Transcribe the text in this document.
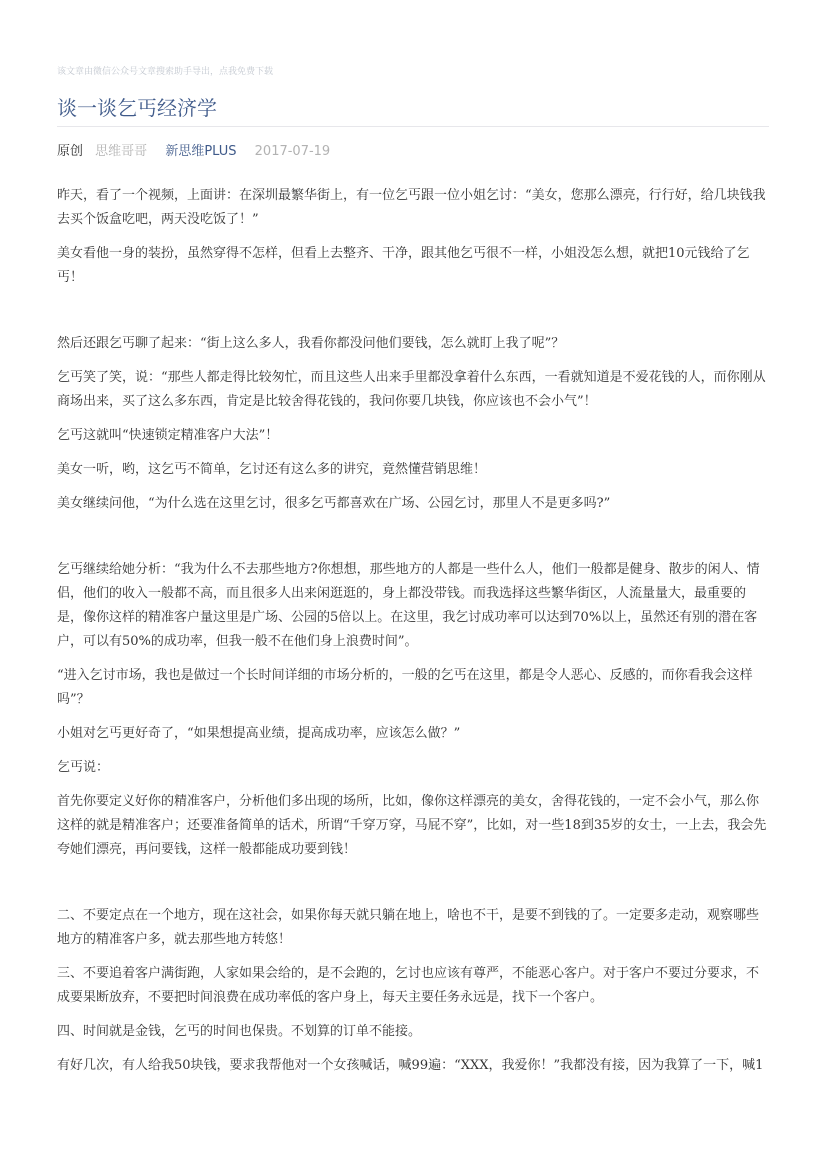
该文章由微信公众号文章搜索助手导出，点我免费下载
谈一谈乞丐经济学
原创 思维哥哥 新思维PLUS 2017-07-19

昨天，看了一个视频，上面讲：在深圳最繁华街上，有一位乞丐跟一位小姐乞讨：“美女，您那么漂亮，行行好，给几块钱我去买个饭盒吃吧，两天没吃饭了！”

美女看他一身的装扮，虽然穿得不怎样，但看上去整齐、干净，跟其他乞丐很不一样，小姐没怎么想，就把10元钱给了乞丐！

然后还跟乞丐聊了起来：“街上这么多人，我看你都没问他们要钱，怎么就盯上我了呢”？

乞丐笑了笑，说：“那些人都走得比较匆忙，而且这些人出来手里都没拿着什么东西，一看就知道是不爱花钱的人，而你刚从商场出来，买了这么多东西，肯定是比较舍得花钱的，我问你要几块钱，你应该也不会小气”！

乞丐这就叫“快速锁定精准客户大法”！

美女一听，哟，这乞丐不简单，乞讨还有这么多的讲究，竟然懂营销思维！

美女继续问他，“为什么选在这里乞讨，很多乞丐都喜欢在广场、公园乞讨，那里人不是更多吗?”

乞丐继续给她分析：“我为什么不去那些地方?你想想，那些地方的人都是一些什么人，他们一般都是健身、散步的闲人、情侣，他们的收入一般都不高，而且很多人出来闲逛逛的，身上都没带钱。而我选择这些繁华街区，人流量量大，最重要的是，像你这样的精准客户量这里是广场、公园的5倍以上。在这里，我乞讨成功率可以达到70%以上，虽然还有别的潜在客户，可以有50%的成功率，但我一般不在他们身上浪费时间”。

“进入乞讨市场，我也是做过一个长时间详细的市场分析的，一般的乞丐在这里，都是令人恶心、反感的，而你看我会这样吗”？

小姐对乞丐更好奇了，“如果想提高业绩，提高成功率，应该怎么做？”

乞丐说：

首先你要定义好你的精准客户，分析他们多出现的场所，比如，像你这样漂亮的美女，舍得花钱的，一定不会小气，那么你这样的就是精准客户；还要准备简单的话术，所谓“千穿万穿，马屁不穿”，比如，对一些18到35岁的女士，一上去，我会先夸她们漂亮，再问要钱，这样一般都能成功要到钱！

二、不要定点在一个地方，现在这社会，如果你每天就只躺在地上，啥也不干，是要不到钱的了。一定要多走动，观察哪些地方的精准客户多，就去那些地方转悠！

三、不要追着客户满街跑，人家如果会给的，是不会跑的，乞讨也应该有尊严，不能恶心客户。对于客户不要过分要求，不成要果断放弃，不要把时间浪费在成功率低的客户身上，每天主要任务永远是，找下一个客户。

四、时间就是金钱，乞丐的时间也保贵。不划算的订单不能接。

有好几次，有人给我50块钱，要求我帮他对一个女孩喊话，喊99遍：“XXX，我爱你！”我都没有接，因为我算了一下，喊1
